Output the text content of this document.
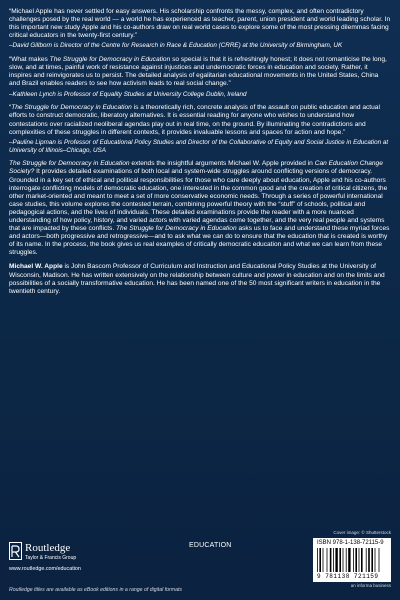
“Michael Apple has never settled for easy answers. His scholarship confronts the messy, complex, and often contradictory challenges posed by the real world — a world he has experienced as teacher, parent, union president and world leading scholar. In this important new study Apple and his co-authors draw on real world cases to explore some of the most pressing dilemmas facing critical educators in the twenty-first century.”

–David Gillborn is Director of the Centre for Research in Race & Education (CRRE) at the University of Birmingham, UK

“What makes The Struggle for Democracy in Education so special is that it is refreshingly honest; it does not romanticise the long, slow, and at times, painful work of resistance against injustices and undemocratic forces in education and society. Rather, it inspires and reinvigorates us to persist. The detailed analysis of egalitarian educational movements in the United States, China and Brazil enables readers to see how activism leads to real social change.”

–Kathleen Lynch is Professor of Equality Studies at University College Dublin, Ireland

“The Struggle for Democracy in Education is a theoretically rich, concrete analysis of the assault on public education and actual efforts to construct democratic, liberatory alternatives. It is essential reading for anyone who wishes to understand how contestations over racialized neoliberal agendas play out in real time, on the ground. By illuminating the contradictions and complexities of these struggles in different contexts, it provides invaluable lessons and spaces for action and hope.”

–Pauline Lipman is Professor of Educational Policy Studies and Director of the Collaborative of Equity and Social Justice in Education at University of Illinois–Chicago, USA

The Struggle for Democracy in Education extends the insightful arguments Michael W. Apple provided in Can Education Change Society? It provides detailed examinations of both local and system-wide struggles around conflicting versions of democracy. Grounded in a key set of ethical and political responsibilities for those who care deeply about education, Apple and his co-authors interrogate conflicting models of democratic education, one interested in the common good and the creation of critical citizens, the other market-oriented and meant to meet a set of more conservative economic needs. Through a series of powerful international case studies, this volume explores the contested terrain, combining powerful theory with the “stuff” of schools, political and pedagogical actions, and the lives of individuals. These detailed examinations provide the reader with a more nuanced understanding of how policy, history, and varied actors with varied agendas come together, and the very real people and systems that are impacted by these conflicts. The Struggle for Democracy in Education asks us to face and understand these myriad forces and actors—both progressive and retrogressive—and to ask what we can do to ensure that the education that is created is worthy of its name. In the process, the book gives us real examples of critically democratic education and what we can learn from these struggles.

Michael W. Apple is John Bascom Professor of Curriculum and Instruction and Educational Policy Studies at the University of Wisconsin, Madison. He has written extensively on the relationship between culture and power in education and on the limits and possibilities of a socially transformative education. He has been named one of the 50 most significant writers in education in the twentieth century.

Routledge
Taylor & Francis Group
www.routledge.com/education
EDUCATION
Cover image: © Shutterstock
ISBN 978-1-138-72115-9
9 781138 721159
an informa business
Routledge titles are available as eBook editions in a range of digital formats
